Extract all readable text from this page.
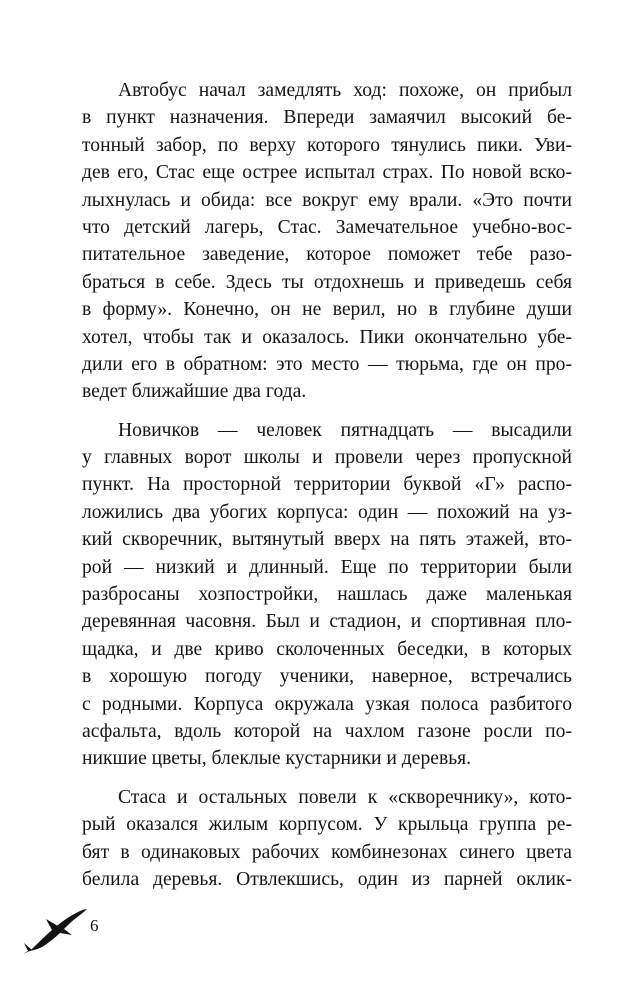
Автобус начал замедлять ход: похоже, он прибыл
в пункт назначения. Впереди замаячил высокий бе-
тонный забор, по верху которого тянулись пики. Уви-
дев его, Стас еще острее испытал страх. По новой вско-
лыхнулась и обида: все вокруг ему врали. «Это почти
что детский лагерь, Стас. Замечательное учебно-вос-
питательное заведение, которое поможет тебе разо-
браться в себе. Здесь ты отдохнешь и приведешь себя
в форму». Конечно, он не верил, но в глубине души
хотел, чтобы так и оказалось. Пики окончательно убе-
дили его в обратном: это место — тюрьма, где он про-
ведет ближайшие два года.
Новичков — человек пятнадцать — высадили
у главных ворот школы и провели через пропускной
пункт. На просторной территории буквой «Г» распо-
ложились два убогих корпуса: один — похожий на уз-
кий скворечник, вытянутый вверх на пять этажей, вто-
рой — низкий и длинный. Еще по территории были
разбросаны хозпостройки, нашлась даже маленькая
деревянная часовня. Был и стадион, и спортивная пло-
щадка, и две криво сколоченных беседки, в которых
в хорошую погоду ученики, наверное, встречались
с родными. Корпуса окружала узкая полоса разбитого
асфальта, вдоль которой на чахлом газоне росли по-
никшие цветы, блеклые кустарники и деревья.
Стаса и остальных повели к «скворечнику», кото-
рый оказался жилым корпусом. У крыльца группа ре-
бят в одинаковых рабочих комбинезонах синего цвета
белила деревья. Отвлекшись, один из парней оклик-
6
